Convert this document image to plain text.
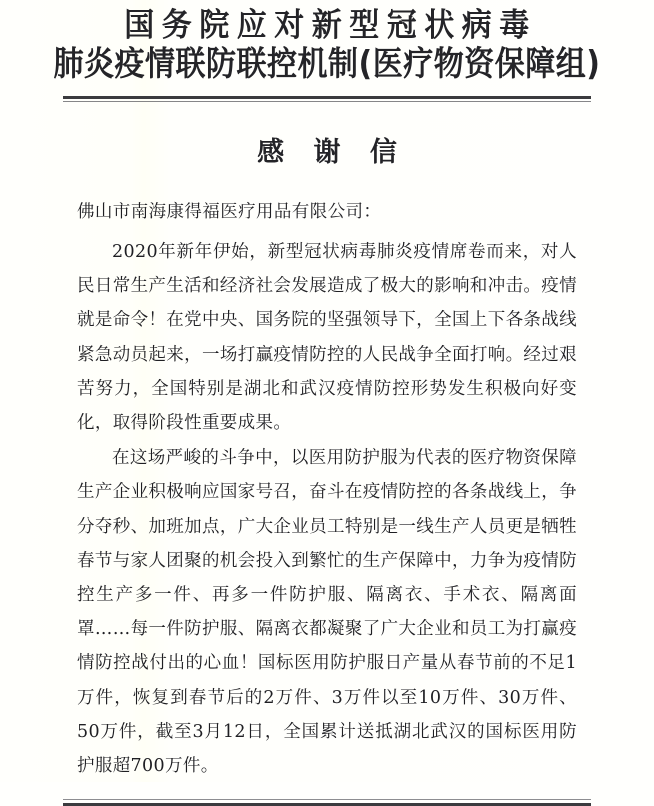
国务院应对新型冠状病毒
肺炎疫情联防联控机制(医疗物资保障组)
感 谢 信
佛山市南海康得福医疗用品有限公司：

2020年新年伊始，新型冠状病毒肺炎疫情席卷而来，对人民日常生产生活和经济社会发展造成了极大的影响和冲击。疫情就是命令！在党中央、国务院的坚强领导下，全国上下各条战线紧急动员起来，一场打赢疫情防控的人民战争全面打响。经过艰苦努力，全国特别是湖北和武汉疫情防控形势发生积极向好变化，取得阶段性重要成果。

在这场严峻的斗争中，以医用防护服为代表的医疗物资保障生产企业积极响应国家号召，奋斗在疫情防控的各条战线上，争分夺秒、加班加点，广大企业员工特别是一线生产人员更是牺牲春节与家人团聚的机会投入到繁忙的生产保障中，力争为疫情防控生产多一件、再多一件防护服、隔离衣、手术衣、隔离面罩……每一件防护服、隔离衣都凝聚了广大企业和员工为打赢疫情防控战付出的心血！国标医用防护服日产量从春节前的不足1万件，恢复到春节后的2万件、3万件以至10万件、30万件、50万件，截至3月12日，全国累计送抵湖北武汉的国标医用防护服超700万件。
